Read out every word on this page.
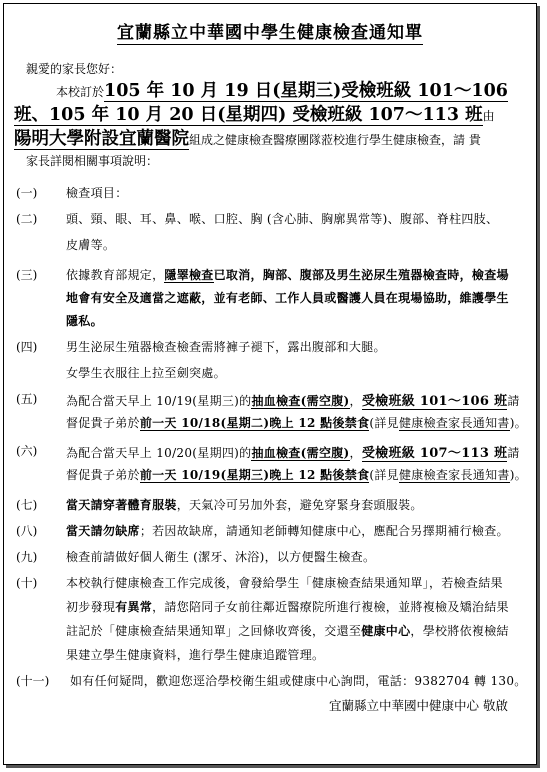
宜蘭縣立中華國中學生健康檢查通知單
親愛的家長您好：
本校訂於105 年 10 月 19 日(星期三)受檢班級 101～106
班、105 年 10 月 20 日(星期四) 受檢班級 107～113 班由
陽明大學附設宜蘭醫院組成之健康檢查醫療團隊蒞校進行學生健康檢查，請 貴
家長詳閱相關事項說明：
(一) 檢查項目：
(二) 頭、頸、眼、耳、鼻、喉、口腔、胸 (含心肺、胸廓異常等)、腹部、脊柱四肢、
皮膚等。
(三) 依據教育部規定，隱睪檢查已取消，胸部、腹部及男生泌尿生殖器檢查時，檢查場
地會有安全及適當之遮蔽，並有老師、工作人員或醫護人員在現場協助，維護學生
隱私。
(四) 男生泌尿生殖器檢查檢查需將褲子褪下，露出腹部和大腿。
女學生衣服往上拉至劍突處。
(五) 為配合當天早上 10/19(星期三)的抽血檢查(需空腹)，受檢班級 101～106 班請
督促貴子弟於前一天 10/18(星期二)晚上 12 點後禁食(詳見健康檢查家長通知書)。
(六) 為配合當天早上 10/20(星期四)的抽血檢查(需空腹)，受檢班級 107～113 班請
督促貴子弟於前一天 10/19(星期三)晚上 12 點後禁食(詳見健康檢查家長通知書)。
(七) 當天請穿著體育服裝，天氣冷可另加外套，避免穿緊身套頭服裝。
(八) 當天請勿缺席；若因故缺席，請通知老師轉知健康中心，應配合另擇期補行檢查。
(九) 檢查前請做好個人衛生 (潔牙、沐浴)，以方便醫生檢查。
(十) 本校執行健康檢查工作完成後，會發給學生「健康檢查結果通知單」，若檢查結果
初步發現有異常，請您陪同子女前往鄰近醫療院所進行複檢，並將複檢及矯治結果
註記於「健康檢查結果通知單」之回條收齊後，交還至健康中心，學校將依複檢結
果建立學生健康資料，進行學生健康追蹤管理。
(十一) 如有任何疑問，歡迎您逕洽學校衛生組或健康中心詢問，電話：9382704 轉 130。
宜蘭縣立中華國中健康中心 敬啟
